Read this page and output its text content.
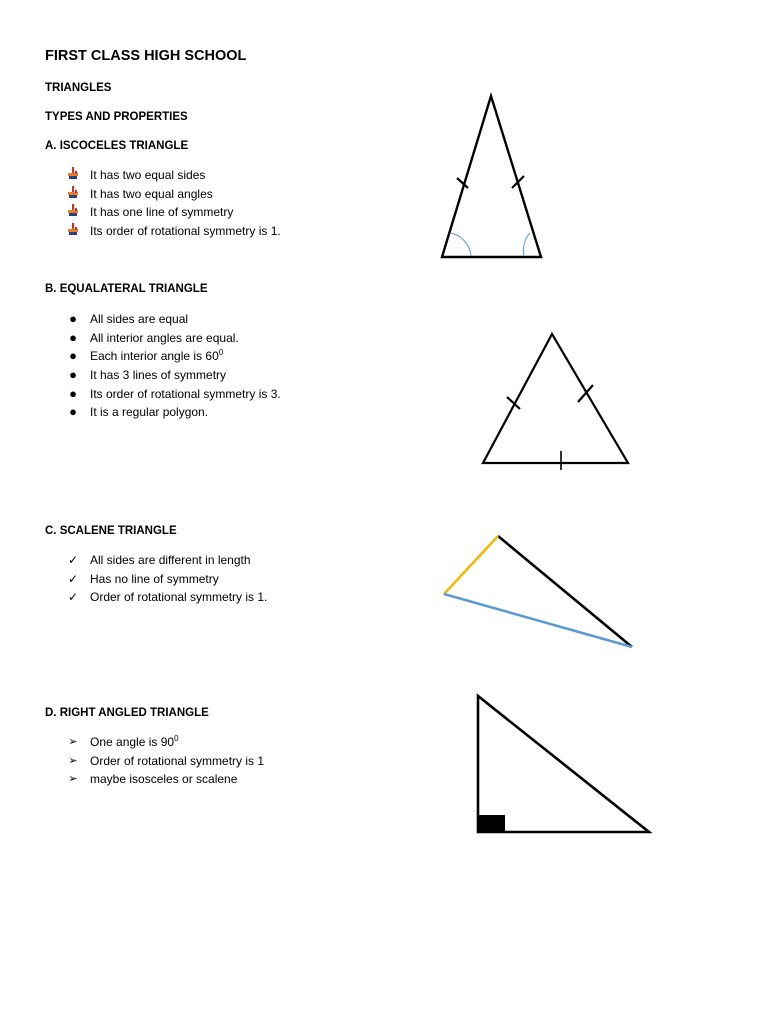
FIRST CLASS HIGH SCHOOL
TRIANGLES
TYPES AND PROPERTIES
A. ISCOCELES TRIANGLE
It has two equal sides
It has two equal angles
It has one line of symmetry
Its order of rotational symmetry is 1.
B. EQUALATERAL TRIANGLE
● All sides are equal
● All interior angles are equal.
● Each interior angle is $60^0$
● It has 3 lines of symmetry
● Its order of rotational symmetry is 3.
● It is a regular polygon.
C. SCALENE TRIANGLE
✓ All sides are different in length
✓ Has no line of symmetry
✓ Order of rotational symmetry is 1.
D. RIGHT ANGLED TRIANGLE
➢ One angle is $90^0$
➢ Order of rotational symmetry is 1
➢ maybe isosceles or scalene
